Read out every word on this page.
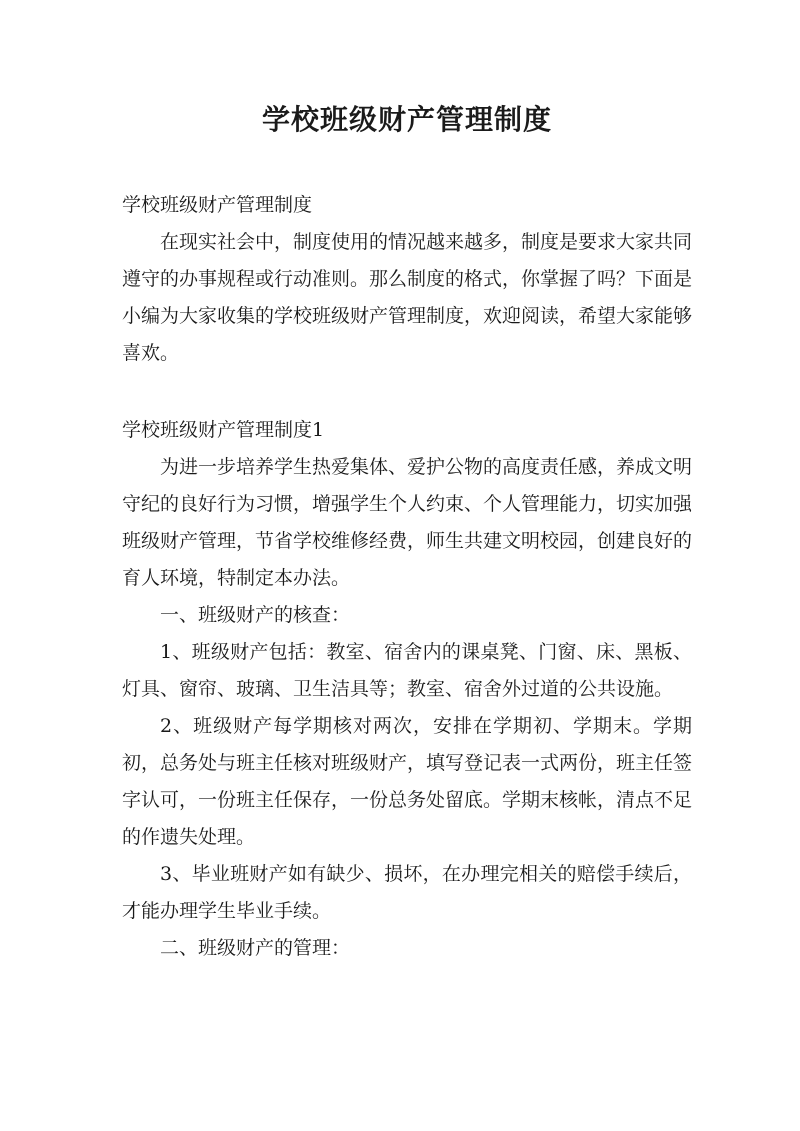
学校班级财产管理制度
学校班级财产管理制度

在现实社会中，制度使用的情况越来越多，制度是要求大家共同遵守的办事规程或行动准则。那么制度的格式，你掌握了吗？下面是小编为大家收集的学校班级财产管理制度，欢迎阅读，希望大家能够喜欢。

学校班级财产管理制度1

为进一步培养学生热爱集体、爱护公物的高度责任感，养成文明守纪的良好行为习惯，增强学生个人约束、个人管理能力，切实加强班级财产管理，节省学校维修经费，师生共建文明校园，创建良好的育人环境，特制定本办法。

一、班级财产的核查：

1、班级财产包括：教室、宿舍内的课桌凳、门窗、床、黑板、灯具、窗帘、玻璃、卫生洁具等；教室、宿舍外过道的公共设施。

2、班级财产每学期核对两次，安排在学期初、学期末。学期初，总务处与班主任核对班级财产，填写登记表一式两份，班主任签字认可，一份班主任保存，一份总务处留底。学期末核帐，清点不足的作遗失处理。

3、毕业班财产如有缺少、损坏，在办理完相关的赔偿手续后，才能办理学生毕业手续。

二、班级财产的管理：
